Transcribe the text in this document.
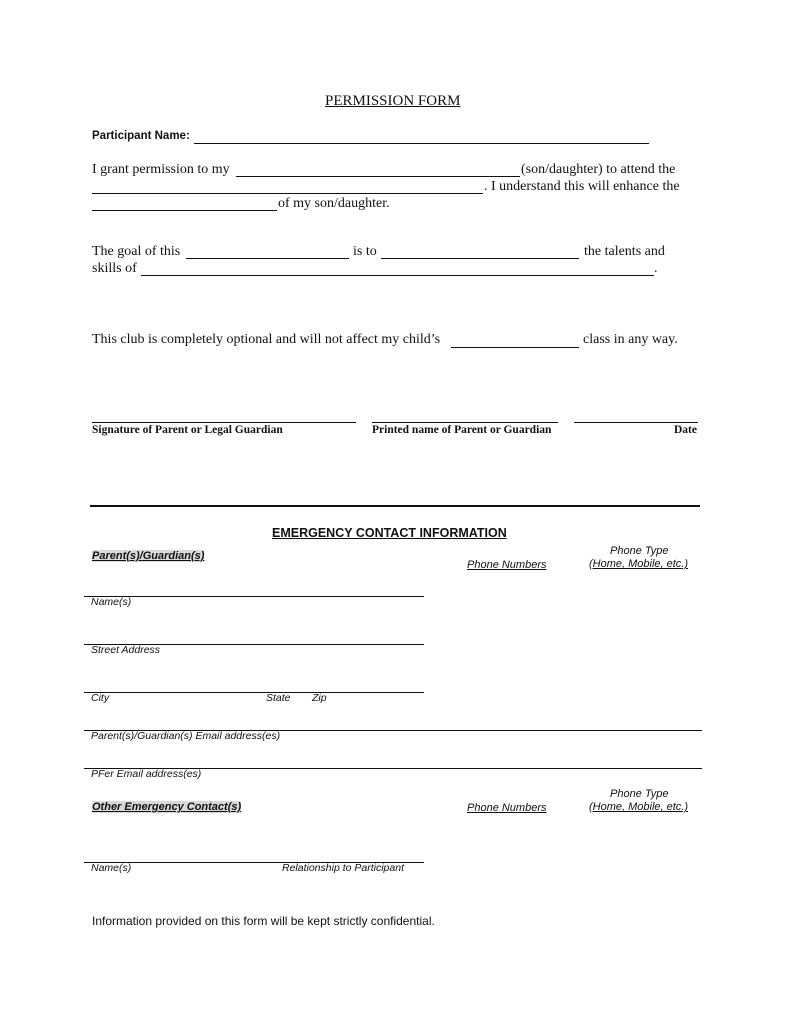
PERMISSION FORM
Participant Name:
I grant permission to my	(son/daughter) to attend the
. I understand this will enhance the
of my son/daughter.
The goal of this	is to	the talents and
skills of	.
This club is completely optional and will not affect my child’s	class in any way.
Signature of Parent or Legal Guardian	Printed name of Parent or Guardian	Date
EMERGENCY CONTACT INFORMATION
Parent(s)/Guardian(s)
Phone Numbers
Phone Type
(Home, Mobile, etc.)
Name(s)
Street Address
City	State Zip
Parent(s)/Guardian(s) Email address(es)
PFer Email address(es)
Other Emergency Contact(s)	Phone Numbers
Phone Type
(Home, Mobile, etc.)
Name(s)	Relationship to Participant
Information provided on this form will be kept strictly confidential.
